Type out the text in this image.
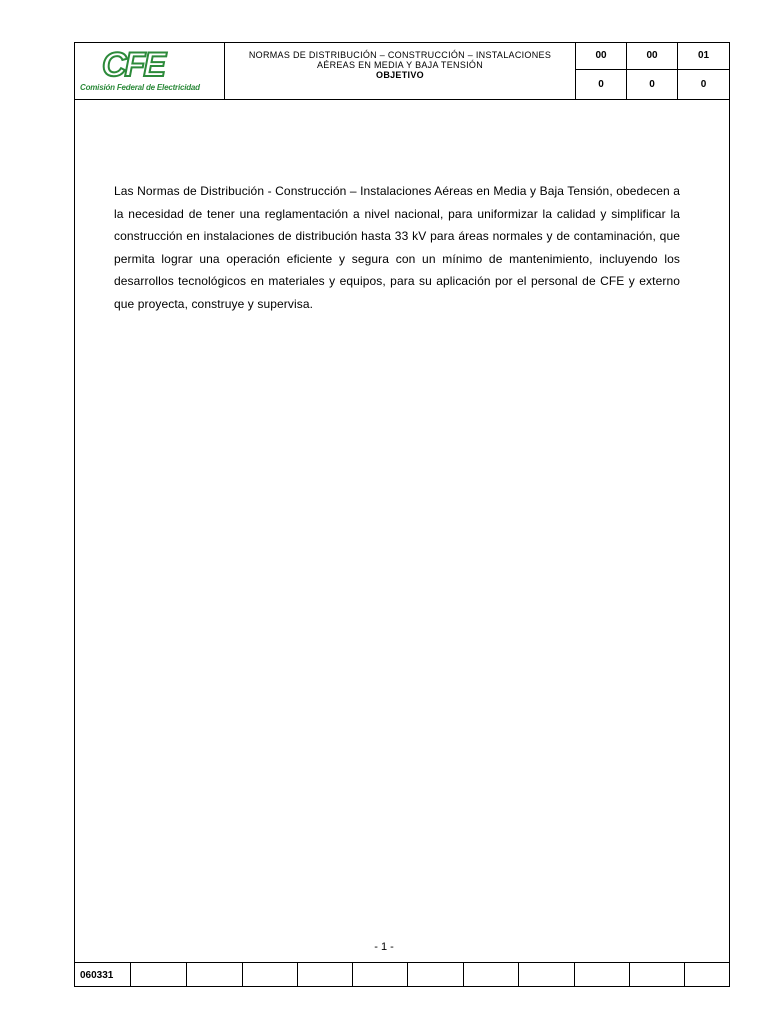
CFE
Comisión Federal de Electricidad
NORMAS DE DISTRIBUCIÓN – CONSTRUCCIÓN – INSTALACIONES
AÉREAS EN MEDIA Y BAJA TENSIÓN
OBJETIVO
00	00	01
0	0	0
Las Normas de Distribución - Construcción – Instalaciones Aéreas en Media y Baja Tensión, obedecen a la necesidad de tener una reglamentación a nivel nacional, para uniformizar la calidad y simplificar la construcción en instalaciones de distribución hasta 33 kV para áreas normales y de contaminación, que permita lograr una operación eficiente y segura con un mínimo de mantenimiento, incluyendo los desarrollos tecnológicos en materiales y equipos, para su aplicación por el personal de CFE y externo que proyecta, construye y supervisa.
- 1 -
060331
